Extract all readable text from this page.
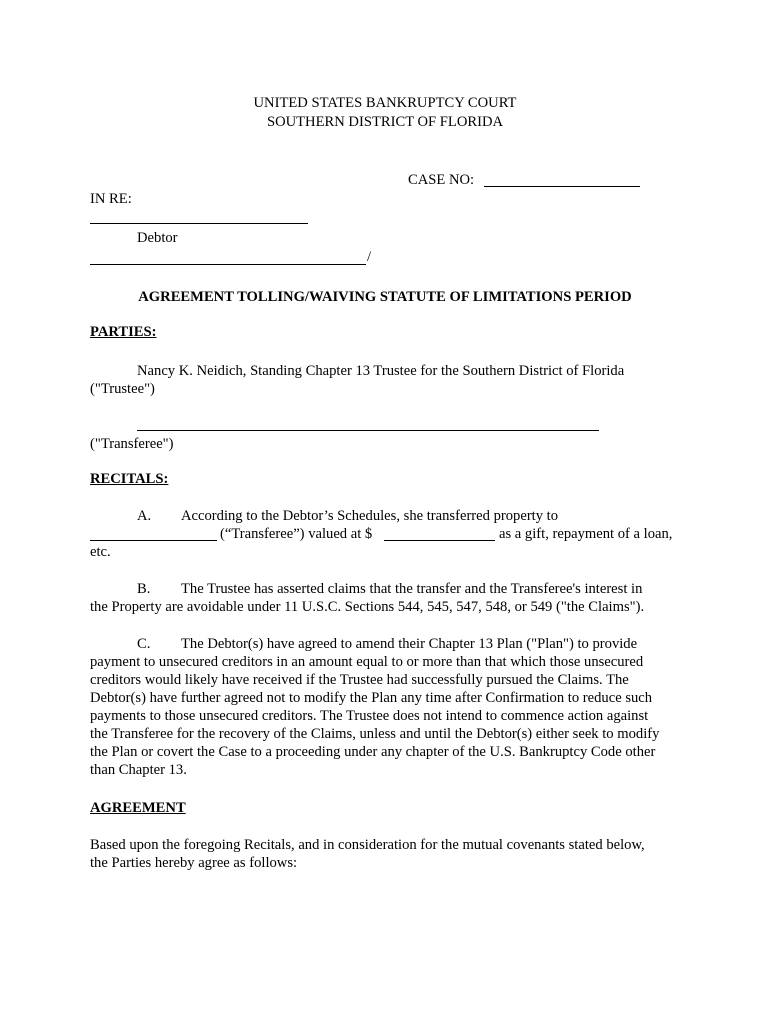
UNITED STATES BANKRUPTCY COURT
SOUTHERN DISTRICT OF FLORIDA
CASE NO:
IN RE:
Debtor
/
AGREEMENT TOLLING/WAIVING STATUTE OF LIMITATIONS PERIOD
PARTIES:
Nancy K. Neidich, Standing Chapter 13 Trustee for the Southern District of Florida
("Trustee")
("Transferee")
RECITALS:
A. According to the Debtor’s Schedules, she transferred property to
(“Transferee”) valued at $	as a gift, repayment of a loan,
etc.
B. The Trustee has asserted claims that the transfer and the Transferee's interest in
the Property are avoidable under 11 U.S.C. Sections 544, 545, 547, 548, or 549 ("the Claims").
C. The Debtor(s) have agreed to amend their Chapter 13 Plan ("Plan") to provide
payment to unsecured creditors in an amount equal to or more than that which those unsecured
creditors would likely have received if the Trustee had successfully pursued the Claims. The
Debtor(s) have further agreed not to modify the Plan any time after Confirmation to reduce such
payments to those unsecured creditors. The Trustee does not intend to commence action against
the Transferee for the recovery of the Claims, unless and until the Debtor(s) either seek to modify
the Plan or covert the Case to a proceeding under any chapter of the U.S. Bankruptcy Code other
than Chapter 13.
AGREEMENT
Based upon the foregoing Recitals, and in consideration for the mutual covenants stated below,
the Parties hereby agree as follows:
